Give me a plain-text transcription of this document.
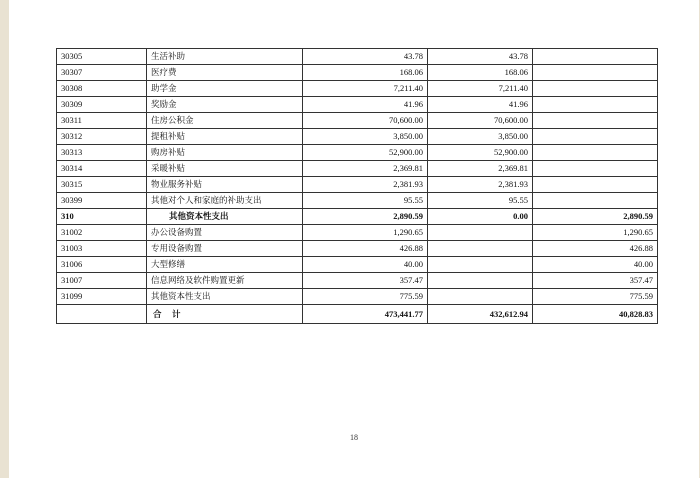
30305	生活补助	43.78	43.78	
30307	医疗费	168.06	168.06	
30308	助学金	7,211.40	7,211.40	
30309	奖励金	41.96	41.96	
30311	住房公积金	70,600.00	70,600.00	
30312	提租补贴	3,850.00	3,850.00	
30313	购房补贴	52,900.00	52,900.00	
30314	采暖补贴	2,369.81	2,369.81	
30315	物业服务补贴	2,381.93	2,381.93	
30399	其他对个人和家庭的补助支出	95.55	95.55	
310	其他资本性支出	2,890.59	0.00	2,890.59
31002	办公设备购置	1,290.65		1,290.65
31003	专用设备购置	426.88		426.88
31006	大型修缮	40.00		40.00
31007	信息网络及软件购置更新	357.47		357.47
31099	其他资本性支出	775.59		775.59
	合　计	473,441.77	432,612.94	40,828.83
18
